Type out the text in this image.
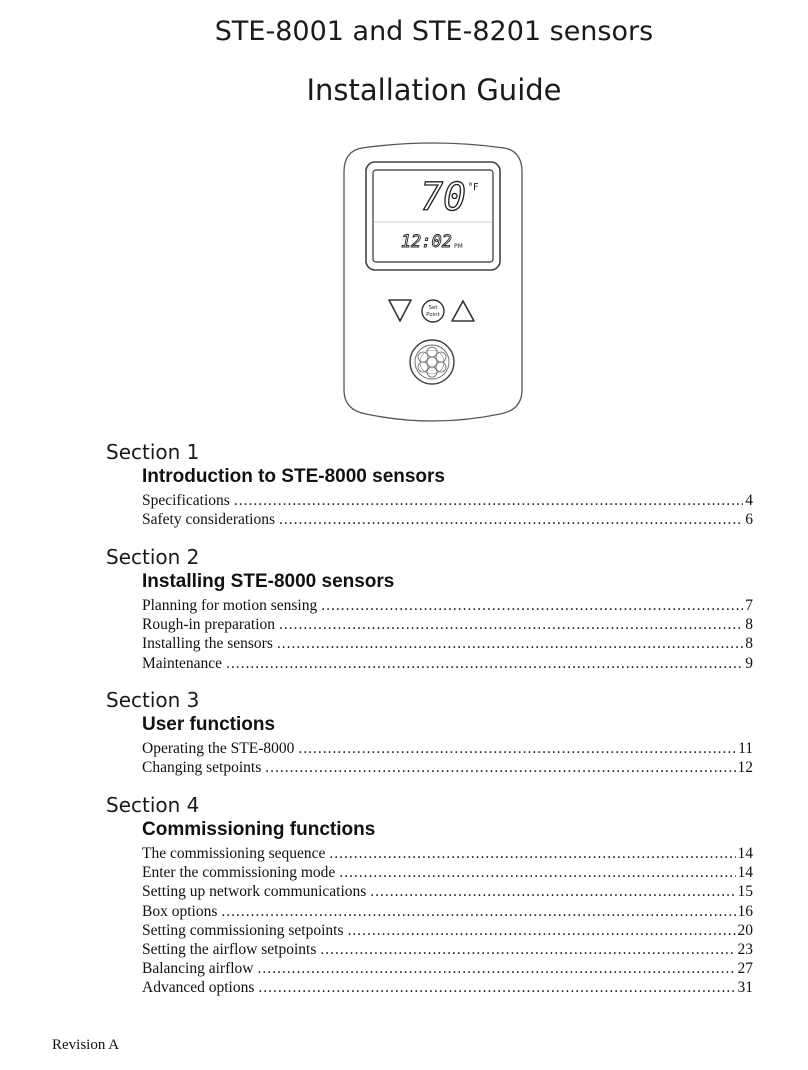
STE-8001 and STE-8201 sensors
Installation Guide
70 °F
12:02 PM
Set
Point
Section 1
Introduction to STE-8000 sensors
Specifications .....	4
Safety considerations .....	6
Section 2
Installing STE-8000 sensors
Planning for motion sensing .....	7
Rough-in preparation .....	8
Installing the sensors .....	8
Maintenance .....	9
Section 3
User functions
Operating the STE-8000 .....	11
Changing setpoints .....	12
Section 4
Commissioning functions
The commissioning sequence .....	14
Enter the commissioning mode .....	14
Setting up network communications .....	15
Box options .....	16
Setting commissioning setpoints .....	20
Setting the airflow setpoints .....	23
Balancing airflow .....	27
Advanced options .....	31
Revision A
